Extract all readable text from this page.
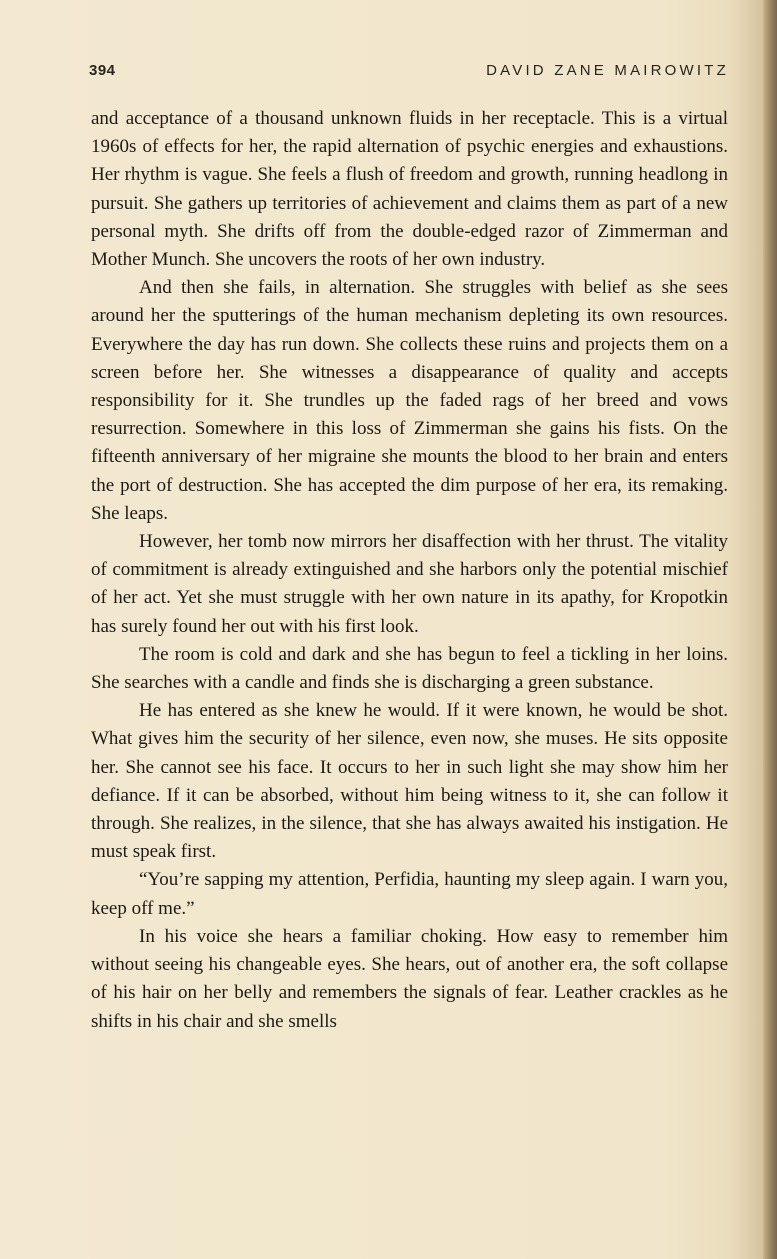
394	DAVID ZANE MAIROWITZ

and acceptance of a thousand unknown fluids in her receptacle. This is a virtual 1960s of effects for her, the rapid alternation of psychic energies and exhaustions. Her rhythm is vague. She feels a flush of freedom and growth, running headlong in pursuit. She gathers up territories of achievement and claims them as part of a new personal myth. She drifts off from the double-edged razor of Zimmerman and Mother Munch. She uncovers the roots of her own industry.

And then she fails, in alternation. She struggles with belief as she sees around her the sputterings of the human mechanism depleting its own resources. Everywhere the day has run down. She collects these ruins and projects them on a screen before her. She witnesses a disappearance of quality and accepts responsibility for it. She trundles up the faded rags of her breed and vows resurrection. Somewhere in this loss of Zimmerman she gains his fists. On the fifteenth anniversary of her migraine she mounts the blood to her brain and enters the port of destruction. She has accepted the dim purpose of her era, its remaking. She leaps.

However, her tomb now mirrors her disaffection with her thrust. The vitality of commitment is already extinguished and she harbors only the potential mischief of her act. Yet she must struggle with her own nature in its apathy, for Kropotkin has surely found her out with his first look.

The room is cold and dark and she has begun to feel a tickling in her loins. She searches with a candle and finds she is discharging a green substance.

He has entered as she knew he would. If it were known, he would be shot. What gives him the security of her silence, even now, she muses. He sits opposite her. She cannot see his face. It occurs to her in such light she may show him her defiance. If it can be absorbed, without him being witness to it, she can follow it through. She realizes, in the silence, that she has always awaited his instigation. He must speak first.

“You’re sapping my attention, Perfidia, haunting my sleep again. I warn you, keep off me.”

In his voice she hears a familiar choking. How easy to remember him without seeing his changeable eyes. She hears, out of another era, the soft collapse of his hair on her belly and remembers the signals of fear. Leather crackles as he shifts in his chair and she smells
